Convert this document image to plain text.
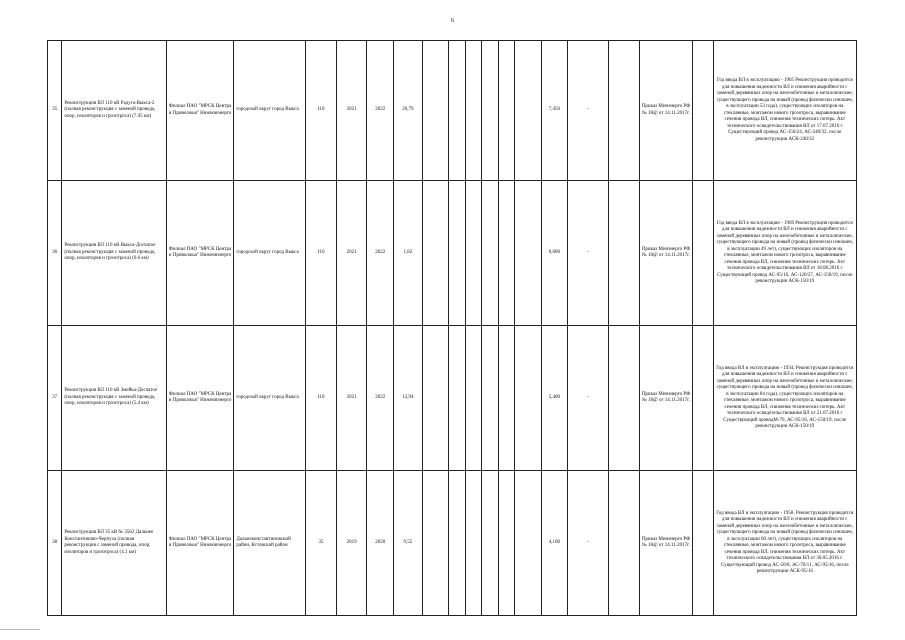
6
35	Реконструкция ВЛ 110 кВ Радуга-Выкса-2 (полная реконструкция с заменой провода, опор, изоляторов и грозотроса) (7.45 км)	Филиал ПАО "МРСК Центра и Приволжья" Нижновэнерго	городской округ город Выкса	110	2021	2022	20,79							7,450	-		Приказ Минэнерго РФ № 18@ от 14.11.2017г.		Год ввода ВЛ в эксплуатацию - 1965 Реконструкция проводится для повышения надежности ВЛ и снижения аварийности с заменой деревянных опор на железобетонные и металлические, существующего провода на новый (провод физически изношен, в эксплуатации 53 года), существующих изоляторов на стеклянные, монтажом нового грозотроса, выравнивание сечения провода ВЛ, снижения технических потерь. Акт технического освидетельствования ВЛ от 17.07.2016 г Существующий провод АС-150/24, АС-240/32, после реконструкции АСК-240/32
36	Реконструкция ВЛ 110 кВ Выкса-Досчатое (полная реконструкция с заменой провода, опор, изоляторов и грозотроса) (0.6 км)	Филиал ПАО "МРСК Центра и Приволжья" Нижновэнерго	городской округ город Выкса	110	2021	2022	1,82							0,600	-		Приказ Минэнерго РФ № 18@ от 14.11.2017г.		Год ввода ВЛ в эксплуатацию - 1969 Реконструкция проводится для повышения надежности ВЛ и снижения аварийности с заменой деревянных опор на железобетонные и металлические, существующего провода на новый (провод физически изношен, в эксплуатации 49 лет), существующих изоляторов на стеклянные, монтажом нового грозотроса, выравнивание сечения провода ВЛ, снижения технических потерь. Акт технического освидетельствования ВЛ от 18.08.2016 г Существующий провод АС-95/16, АС-120/27, АС-150/19, после реконструкции АСК-150/19
37	Реконструкция ВЛ 110 кВ Змейка-Досчатое (полная реконструкция с заменой провода, опор, изоляторов и грозотроса) (5.4 км)	Филиал ПАО "МРСК Центра и Приволжья" Нижновэнерго	городской округ город Выкса	110	2021	2022	12,94							5,400	-		Приказ Минэнерго РФ № 18@ от 14.11.2017г.		Год ввода ВЛ в эксплуатацию - 1934. Реконструкция проводится для повышения надежности ВЛ и снижения аварийности с заменой деревянных опор на железобетонные и металлические, существующего провода на новый (провод физически изношен, в эксплуатации 84 года), существующих изоляторов на стеклянные, монтажом нового грозотроса, выравнивание сечения провода ВЛ, снижения технических потерь. Акт технического освидетельствования ВЛ от 21.07.2016 г Существующий проводМ-70, АС-95/16, АС-150/19, после реконструкции АСК-150/19
38	Реконструкция ВЛ 35 кВ № 3562 Дальнее Константиново-Черпуха (полная реконструкция с заменой провода, опор, изоляторов и грозотроса) (4.1 км)	Филиал ПАО "МРСК Центра и Приволжья" Нижновэнерго	Дальнеконстантиновский район, Кстовский район	35	2019	2020	9,55							4,100	-		Приказ Минэнерго РФ № 18@ от 14.11.2017г.		Год ввода ВЛ в эксплуатацию - 1958. Реконструкция проводится для повышения надежности ВЛ и снижения аварийности с заменой деревянных опор на железобетонные и металлические, существующего провода на новый (провод физически изношен, в эксплуатации 60 лет), существующих изоляторов на стеклянные, монтажом нового грозотроса, выравнивание сечения провода ВЛ, снижения технических потерь. Акт технического освидетельствования ВЛ от 30.05.2016 г. Существующий провод АС-50/8, АС-70/11, АС-95/16, после реконструкции АСК-95/16
